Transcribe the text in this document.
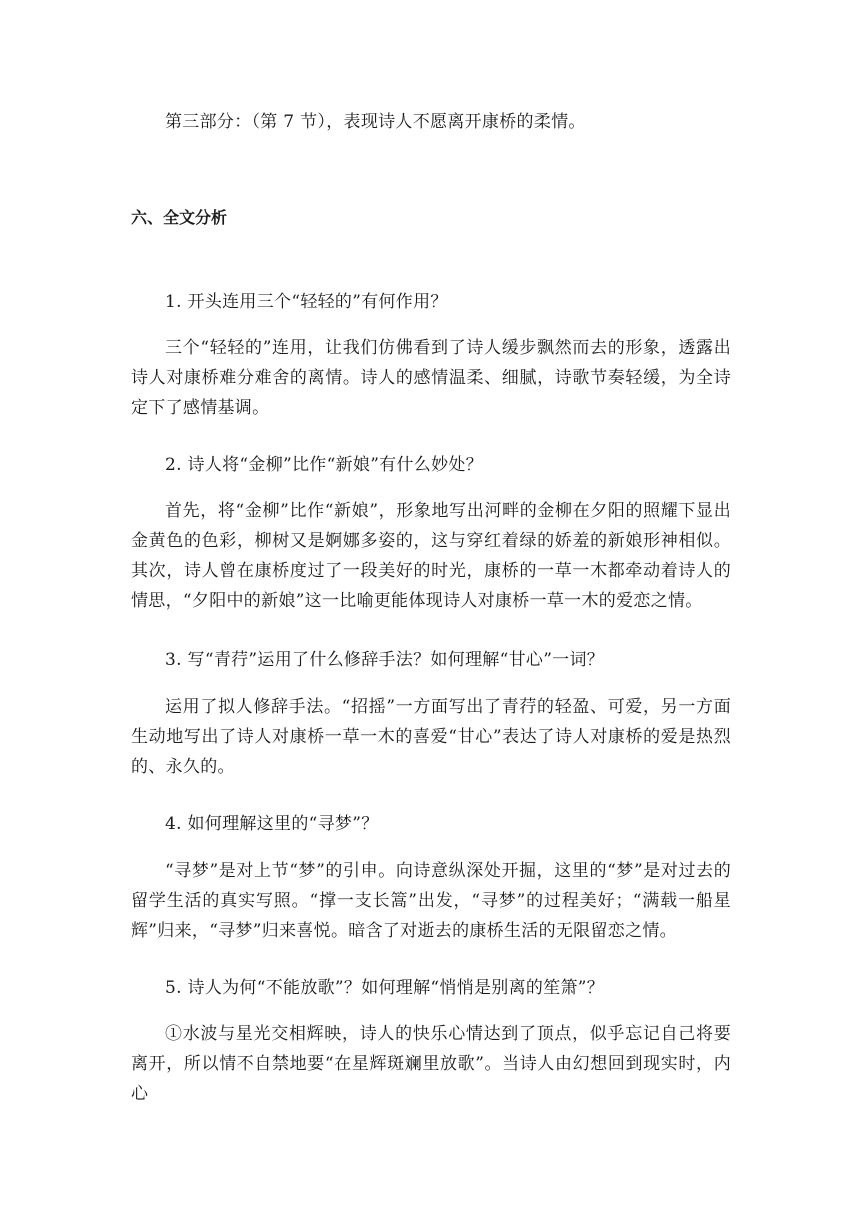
第三部分：（第 7 节），表现诗人不愿离开康桥的柔情。

六、全文分析

1. 开头连用三个“轻轻的”有何作用？

三个“轻轻的”连用，让我们仿佛看到了诗人缓步飘然而去的形象，透露出诗人对康桥难分难舍的离情。诗人的感情温柔、细腻，诗歌节奏轻缓，为全诗定下了感情基调。

2. 诗人将“金柳”比作“新娘”有什么妙处？

首先，将“金柳”比作“新娘”，形象地写出河畔的金柳在夕阳的照耀下显出金黄色的色彩，柳树又是婀娜多姿的，这与穿红着绿的娇羞的新娘形神相似。其次，诗人曾在康桥度过了一段美好的时光，康桥的一草一木都牵动着诗人的情思，“夕阳中的新娘”这一比喻更能体现诗人对康桥一草一木的爱恋之情。

3. 写“青荇”运用了什么修辞手法？如何理解“甘心”一词？

运用了拟人修辞手法。“招摇”一方面写出了青荇的轻盈、可爱，另一方面生动地写出了诗人对康桥一草一木的喜爱“甘心”表达了诗人对康桥的爱是热烈的、永久的。

4. 如何理解这里的“寻梦”？

“寻梦”是对上节“梦”的引申。向诗意纵深处开掘，这里的“梦”是对过去的留学生活的真实写照。“撑一支长篙”出发，“寻梦”的过程美好；“满载一船星辉”归来，“寻梦”归来喜悦。暗含了对逝去的康桥生活的无限留恋之情。

5. 诗人为何“不能放歌”？如何理解“悄悄是别离的笙箫”？

①水波与星光交相辉映，诗人的快乐心情达到了顶点，似乎忘记自己将要离开，所以情不自禁地要“在星辉斑斓里放歌”。当诗人由幻想回到现实时，内心
